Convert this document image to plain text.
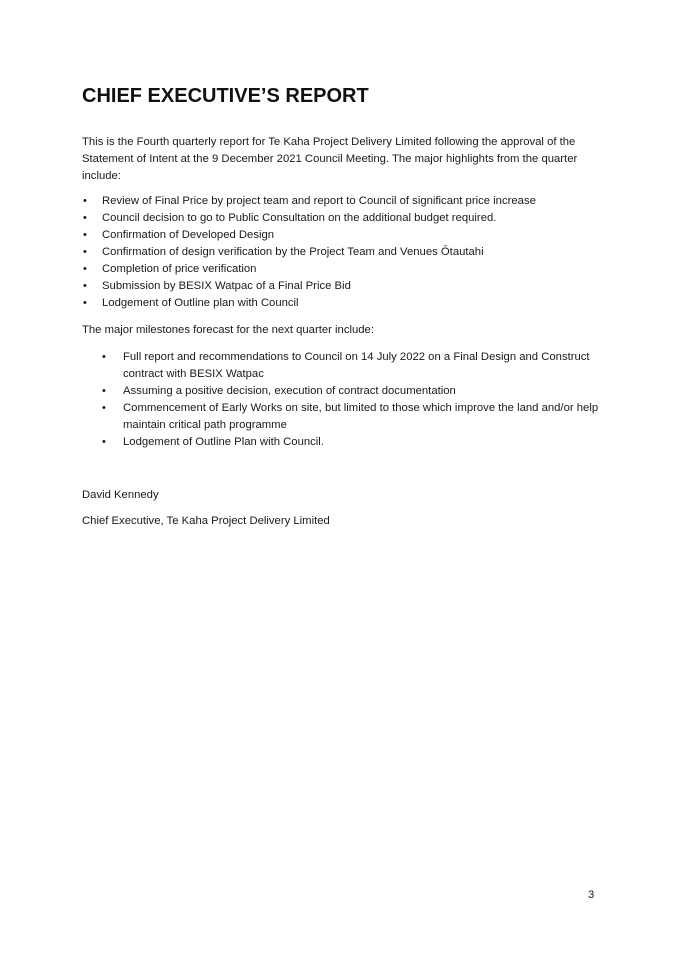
CHIEF EXECUTIVE’S REPORT

This is the Fourth quarterly report for Te Kaha Project Delivery Limited following the approval of the Statement of Intent at the 9 December 2021 Council Meeting. The major highlights from the quarter include:

• Review of Final Price by project team and report to Council of significant price increase
• Council decision to go to Public Consultation on the additional budget required.
• Confirmation of Developed Design
• Confirmation of design verification by the Project Team and Venues Ōtautahi
• Completion of price verification
• Submission by BESIX Watpac of a Final Price Bid
• Lodgement of Outline plan with Council

The major milestones forecast for the next quarter include:

• Full report and recommendations to Council on 14 July 2022 on a Final Design and Construct contract with BESIX Watpac
• Assuming a positive decision, execution of contract documentation
• Commencement of Early Works on site, but limited to those which improve the land and/or help maintain critical path programme
• Lodgement of Outline Plan with Council.

David Kennedy

Chief Executive, Te Kaha Project Delivery Limited

3
